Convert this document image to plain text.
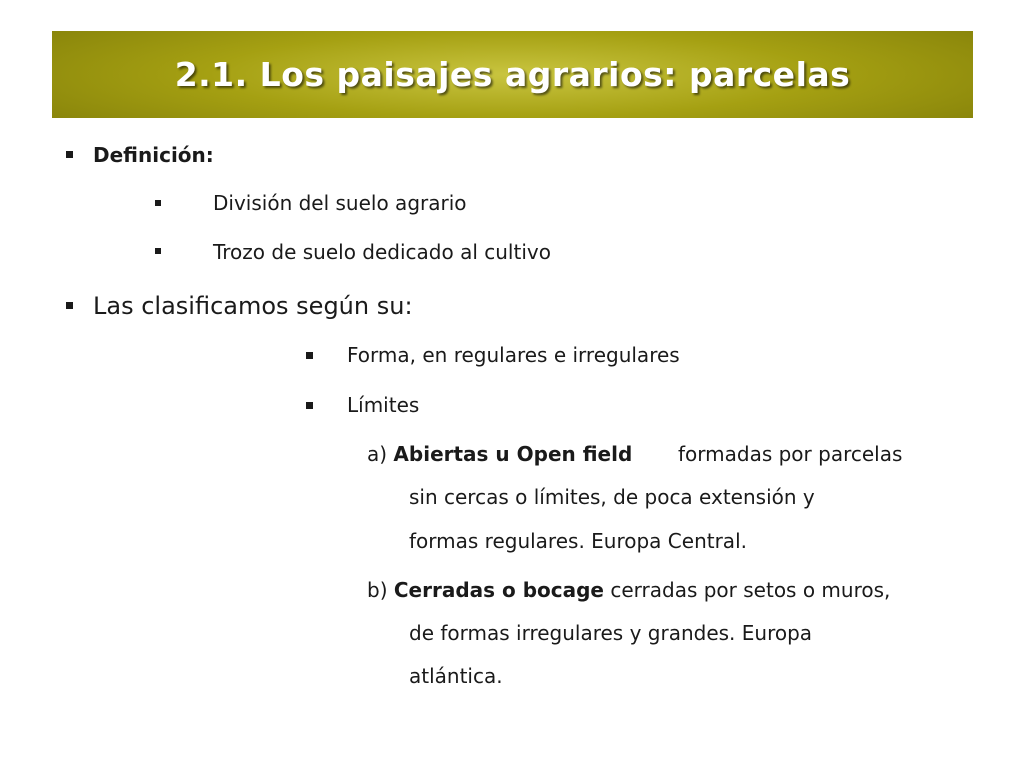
2.1. Los paisajes agrarios: parcelas
Definición:
División del suelo agrario
Trozo de suelo dedicado al cultivo
Las clasificamos según su:
Forma, en regulares e irregulares
Límites
a) Abiertas u Open field formadas por parcelas
sin cercas o límites, de poca extensión y
formas regulares. Europa Central.
b) Cerradas o bocage cerradas por setos o muros,
de formas irregulares y grandes. Europa
atlántica.
